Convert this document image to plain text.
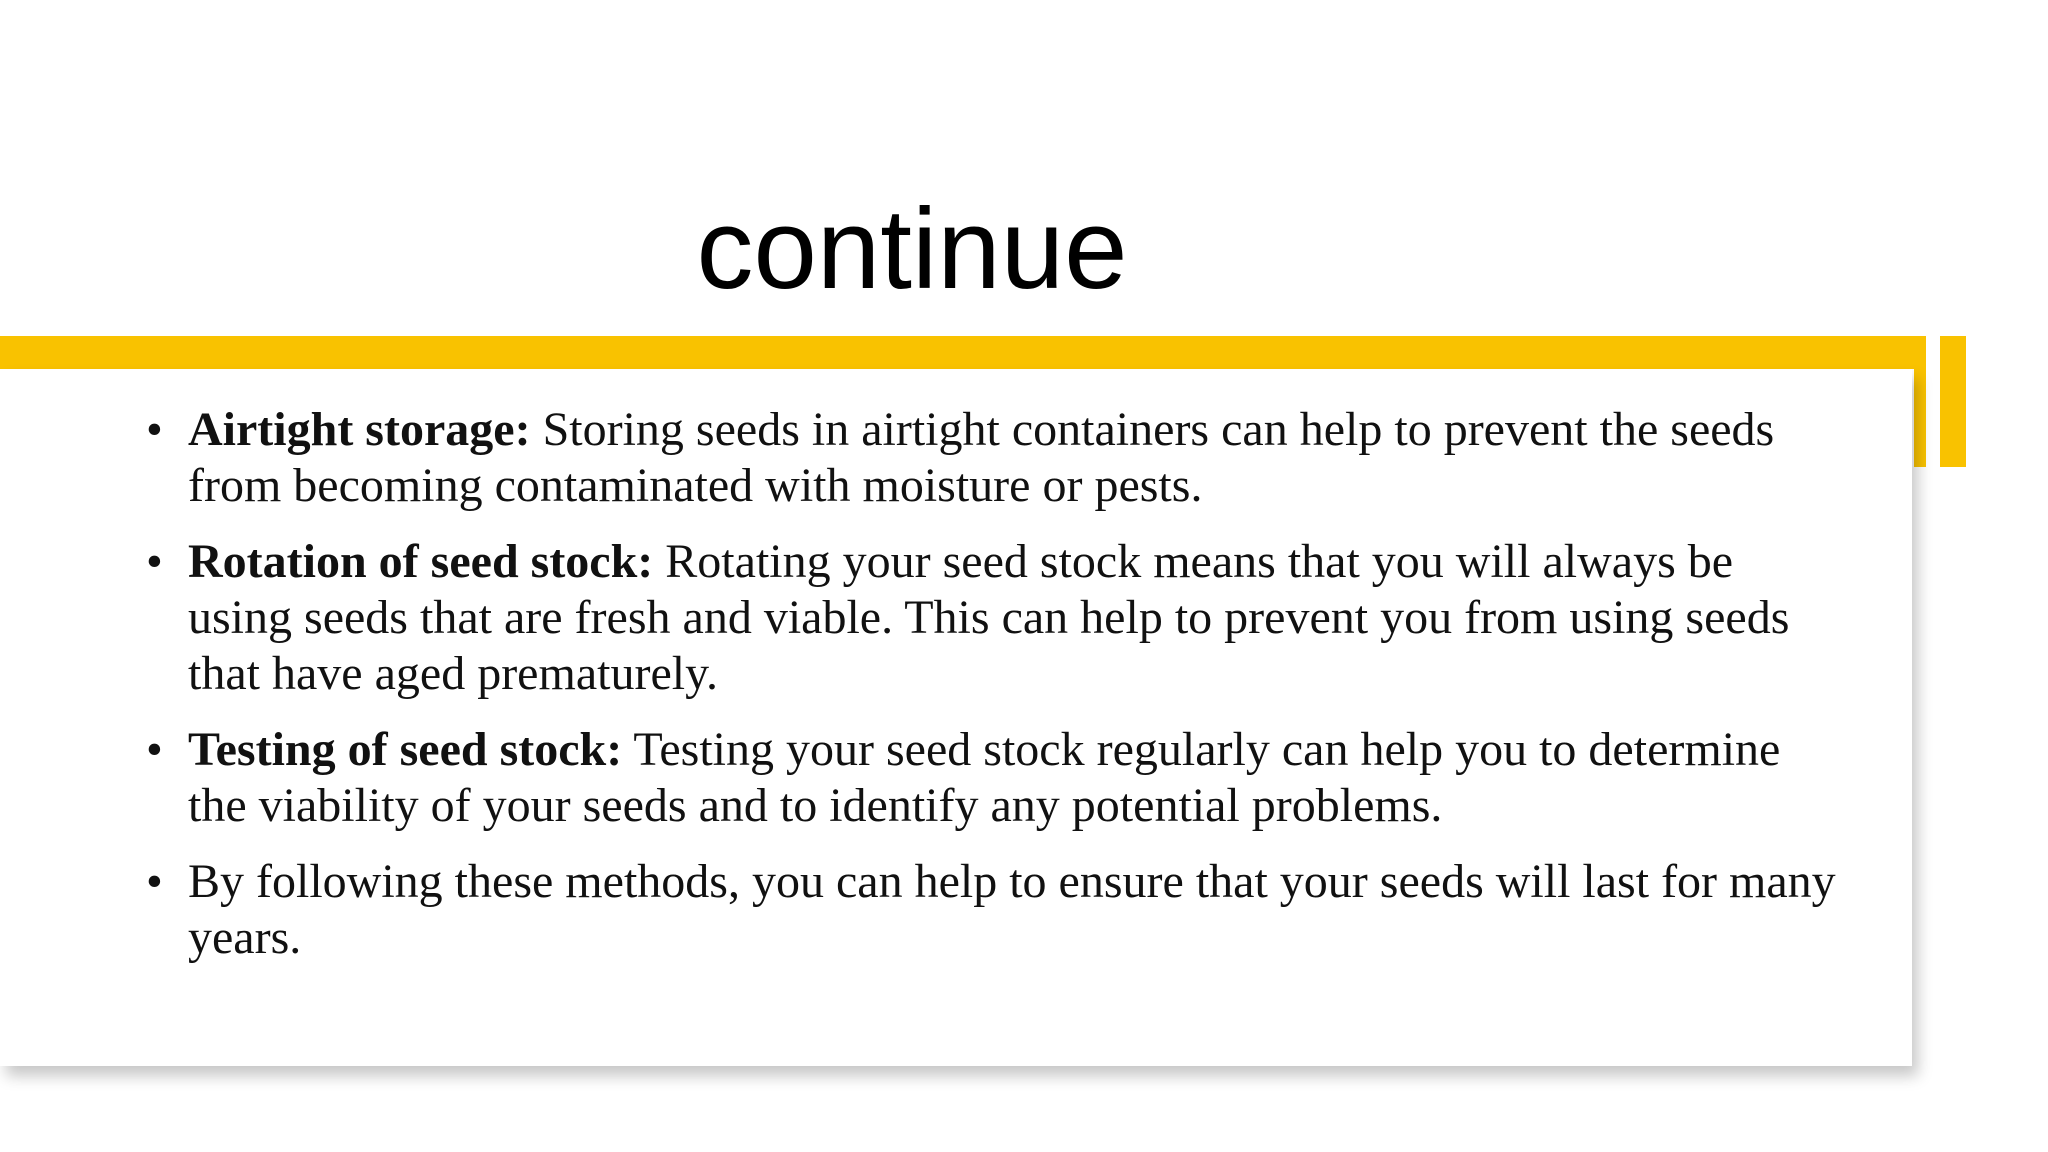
continue
• Airtight storage: Storing seeds in airtight containers can help to prevent the seeds from becoming contaminated with moisture or pests.
• Rotation of seed stock: Rotating your seed stock means that you will always be using seeds that are fresh and viable. This can help to prevent you from using seeds that have aged prematurely.
• Testing of seed stock: Testing your seed stock regularly can help you to determine the viability of your seeds and to identify any potential problems.
• By following these methods, you can help to ensure that your seeds will last for many years.
